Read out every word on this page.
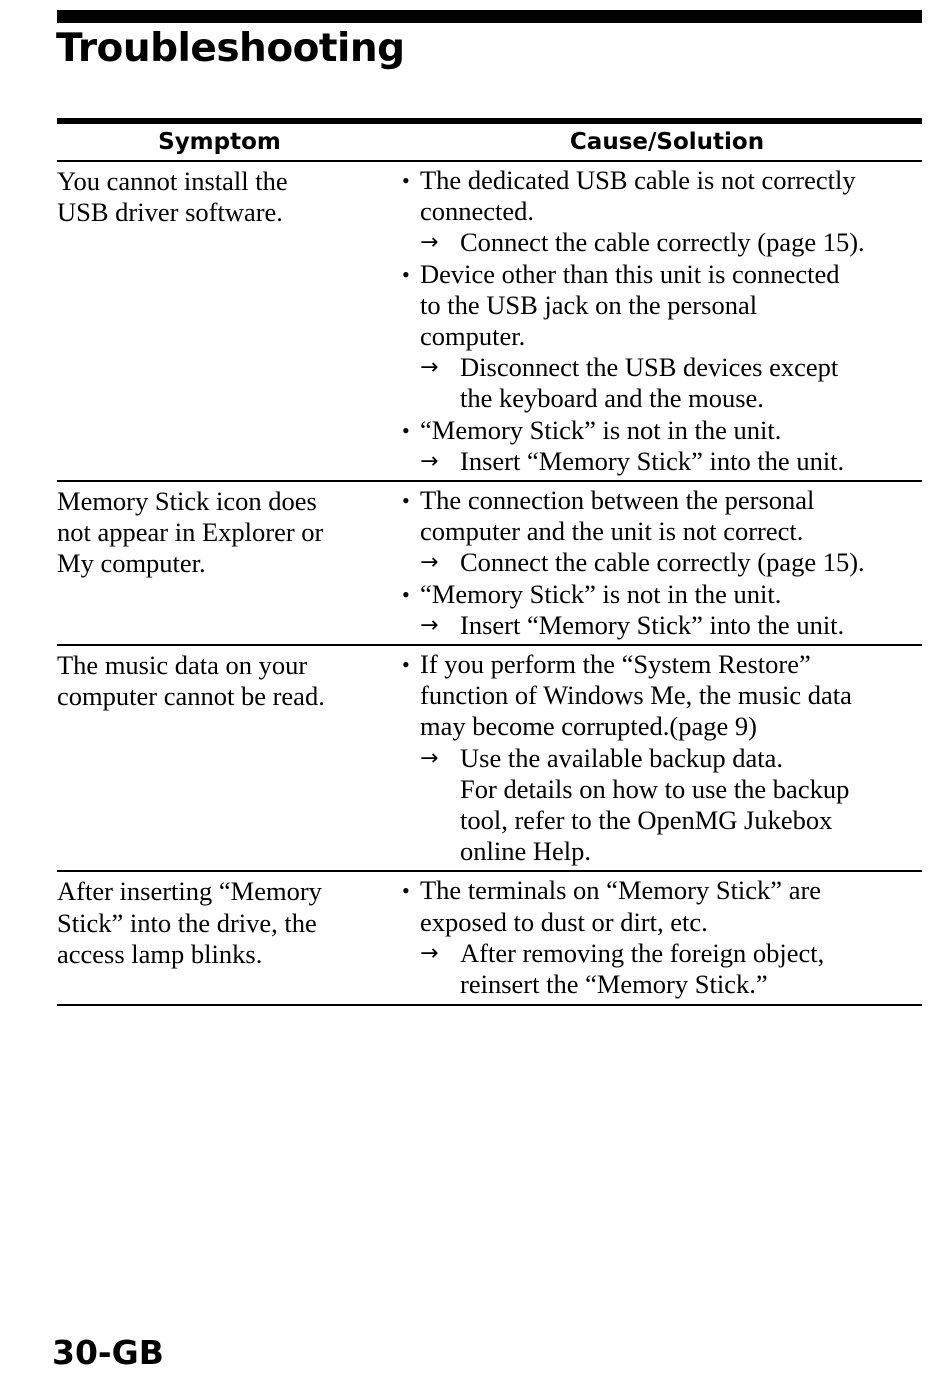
Troubleshooting
Symptom	Cause/Solution
You cannot install the
USB driver software.
• The dedicated USB cable is not correctly
connected.
→ Connect the cable correctly (page 15).
• Device other than this unit is connected
to the USB jack on the personal
computer.
→ Disconnect the USB devices except
the keyboard and the mouse.
• “Memory Stick” is not in the unit.
→ Insert “Memory Stick” into the unit.
Memory Stick icon does
not appear in Explorer or
My computer.
• The connection between the personal
computer and the unit is not correct.
→ Connect the cable correctly (page 15).
• “Memory Stick” is not in the unit.
→ Insert “Memory Stick” into the unit.
The music data on your
computer cannot be read.
• If you perform the “System Restore”
function of Windows Me, the music data
may become corrupted.(page 9)
→ Use the available backup data.
For details on how to use the backup
tool, refer to the OpenMG Jukebox
online Help.
After inserting “Memory
Stick” into the drive, the
access lamp blinks.
• The terminals on “Memory Stick” are
exposed to dust or dirt, etc.
→ After removing the foreign object,
reinsert the “Memory Stick.”
30-GB
